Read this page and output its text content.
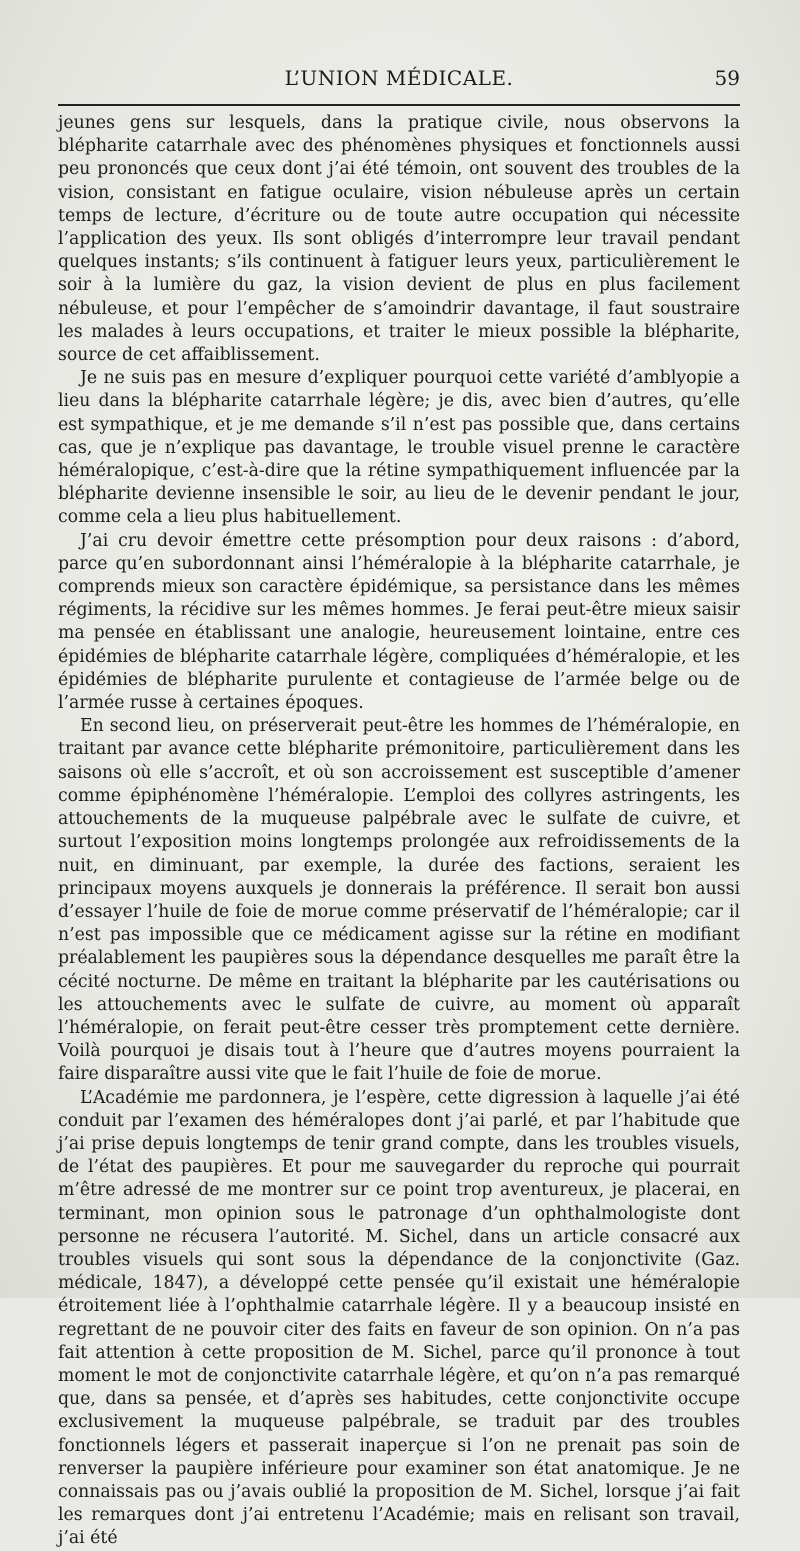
L’UNION MÉDICALE.	59

jeunes gens sur lesquels, dans la pratique civile, nous observons la blépharite catarrhale avec des phénomènes physiques et fonctionnels aussi peu prononcés que ceux dont j’ai été témoin, ont souvent des troubles de la vision, consistant en fatigue oculaire, vision nébuleuse après un certain temps de lecture, d’écriture ou de toute autre occupation qui nécessite l’application des yeux. Ils sont obligés d’interrompre leur travail pendant quelques instants; s’ils continuent à fatiguer leurs yeux, particulièrement le soir à la lumière du gaz, la vision devient de plus en plus facilement nébuleuse, et pour l’empêcher de s’amoindrir davantage, il faut soustraire les malades à leurs occupations, et traiter le mieux possible la blépharite, source de cet affaiblissement.

Je ne suis pas en mesure d’expliquer pourquoi cette variété d’amblyopie a lieu dans la blépharite catarrhale légère; je dis, avec bien d’autres, qu’elle est sympathique, et je me demande s’il n’est pas possible que, dans certains cas, que je n’explique pas davantage, le trouble visuel prenne le caractère héméralopique, c’est-à-dire que la rétine sympathiquement influencée par la blépharite devienne insensible le soir, au lieu de le devenir pendant le jour, comme cela a lieu plus habituellement.

J’ai cru devoir émettre cette présomption pour deux raisons : d’abord, parce qu’en subordonnant ainsi l’héméralopie à la blépharite catarrhale, je comprends mieux son caractère épidémique, sa persistance dans les mêmes régiments, la récidive sur les mêmes hommes. Je ferai peut-être mieux saisir ma pensée en établissant une analogie, heureusement lointaine, entre ces épidémies de blépharite catarrhale légère, compliquées d’héméralopie, et les épidémies de blépharite purulente et contagieuse de l’armée belge ou de l’armée russe à certaines époques.

En second lieu, on préserverait peut-être les hommes de l’héméralopie, en traitant par avance cette blépharite prémonitoire, particulièrement dans les saisons où elle s’accroît, et où son accroissement est susceptible d’amener comme épiphénomène l’héméralopie. L’emploi des collyres astringents, les attouchements de la muqueuse palpébrale avec le sulfate de cuivre, et surtout l’exposition moins longtemps prolongée aux refroidissements de la nuit, en diminuant, par exemple, la durée des factions, seraient les principaux moyens auxquels je donnerais la préférence. Il serait bon aussi d’essayer l’huile de foie de morue comme préservatif de l’héméralopie; car il n’est pas impossible que ce médicament agisse sur la rétine en modifiant préalablement les paupières sous la dépendance desquelles me paraît être la cécité nocturne. De même en traitant la blépharite par les cautérisations ou les attouchements avec le sulfate de cuivre, au moment où apparaît l’héméralopie, on ferait peut-être cesser très promptement cette dernière. Voilà pourquoi je disais tout à l’heure que d’autres moyens pourraient la faire disparaître aussi vite que le fait l’huile de foie de morue.

L’Académie me pardonnera, je l’espère, cette digression à laquelle j’ai été conduit par l’examen des héméralopes dont j’ai parlé, et par l’habitude que j’ai prise depuis longtemps de tenir grand compte, dans les troubles visuels, de l’état des paupières. Et pour me sauvegarder du reproche qui pourrait m’être adressé de me montrer sur ce point trop aventureux, je placerai, en terminant, mon opinion sous le patronage d’un ophthalmologiste dont personne ne récusera l’autorité. M. Sichel, dans un article consacré aux troubles visuels qui sont sous la dépendance de la conjonctivite (Gaz. médicale, 1847), a développé cette pensée qu’il existait une héméralopie étroitement liée à l’ophthalmie catarrhale légère. Il y a beaucoup insisté en regrettant de ne pouvoir citer des faits en faveur de son opinion. On n’a pas fait attention à cette proposition de M. Sichel, parce qu’il prononce à tout moment le mot de conjonctivite catarrhale légère, et qu’on n’a pas remarqué que, dans sa pensée, et d’après ses habitudes, cette conjonctivite occupe exclusivement la muqueuse palpébrale, se traduit par des troubles fonctionnels légers et passerait inaperçue si l’on ne prenait pas soin de renverser la paupière inférieure pour examiner son état anatomique. Je ne connaissais pas ou j’avais oublié la proposition de M. Sichel, lorsque j’ai fait les remarques dont j’ai entretenu l’Académie; mais en relisant son travail, j’ai été
